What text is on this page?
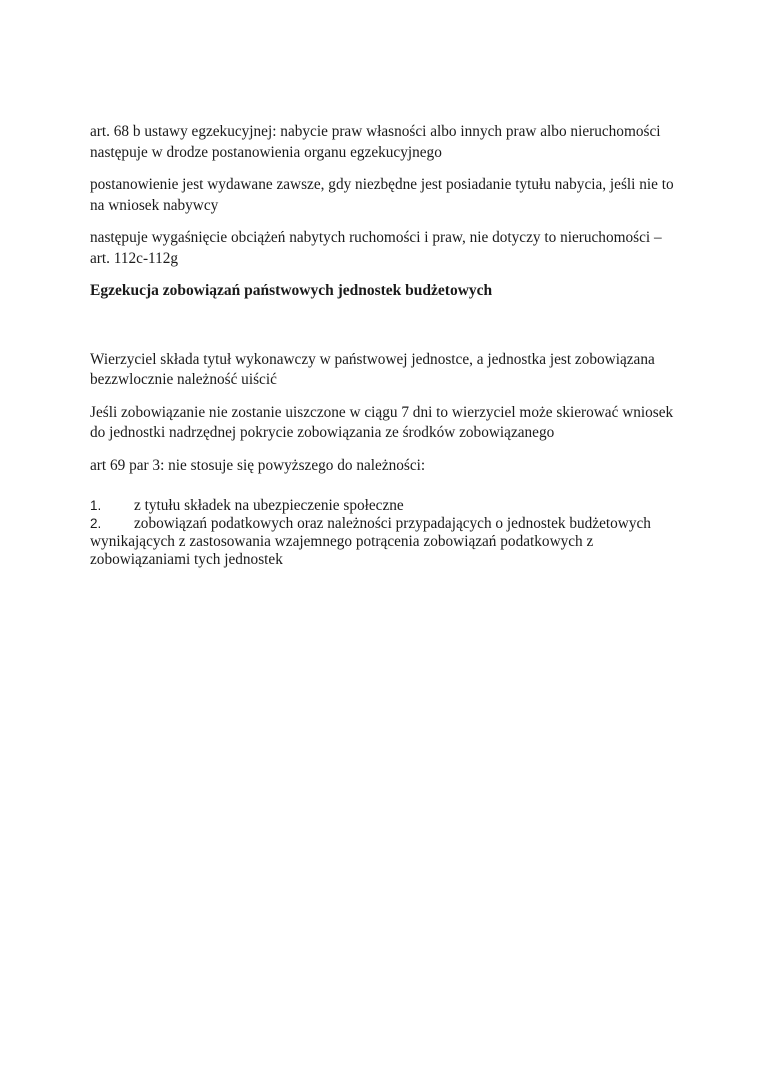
art. 68 b ustawy egzekucyjnej: nabycie praw własności albo innych praw albo nieruchomości następuje w drodze postanowienia organu egzekucyjnego

postanowienie jest wydawane zawsze, gdy niezbędne jest posiadanie tytułu nabycia, jeśli nie to na wniosek nabywcy

następuje wygaśnięcie obciążeń nabytych ruchomości i praw, nie dotyczy to nieruchomości – art. 112c-112g

Egzekucja zobowiązań państwowych jednostek budżetowych

Wierzyciel składa tytuł wykonawczy w państwowej jednostce, a jednostka jest zobowiązana bezzwlocznie należność uiścić

Jeśli zobowiązanie nie zostanie uiszczone w ciągu 7 dni to wierzyciel może skierować wniosek do jednostki nadrzędnej pokrycie zobowiązania ze środków zobowiązanego

art 69 par 3: nie stosuje się powyższego do należności:

1. z tytułu składek na ubezpieczenie społeczne
2. zobowiązań podatkowych oraz należności przypadających o jednostek budżetowych wynikających z zastosowania wzajemnego potrącenia zobowiązań podatkowych z zobowiązaniami tych jednostek
